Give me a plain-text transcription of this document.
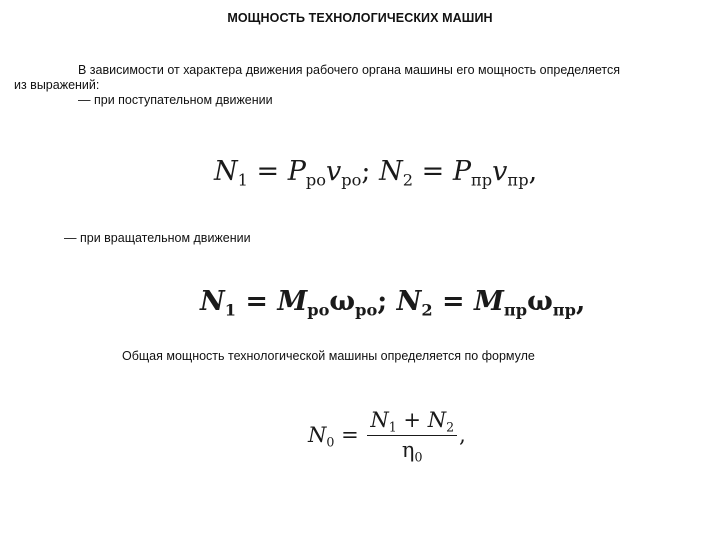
МОЩНОСТЬ ТЕХНОЛОГИЧЕСКИХ МАШИН
В зависимости от характера движения рабочего органа машины его мощность определяется
из выражений:
— при поступательном движении
$N_1 = P_{ро}v_{ро}$; $N_2 = P_{пр}v_{пр}$,
— при вращательном движении
$N_1 = M_{ро}\omega_{ро}$; $N_2 = M_{пр}\omega_{пр}$,
Общая мощность технологической машины определяется по формуле
$N_0 = \frac{N_1 + N_2}{\eta_0}$ ,
